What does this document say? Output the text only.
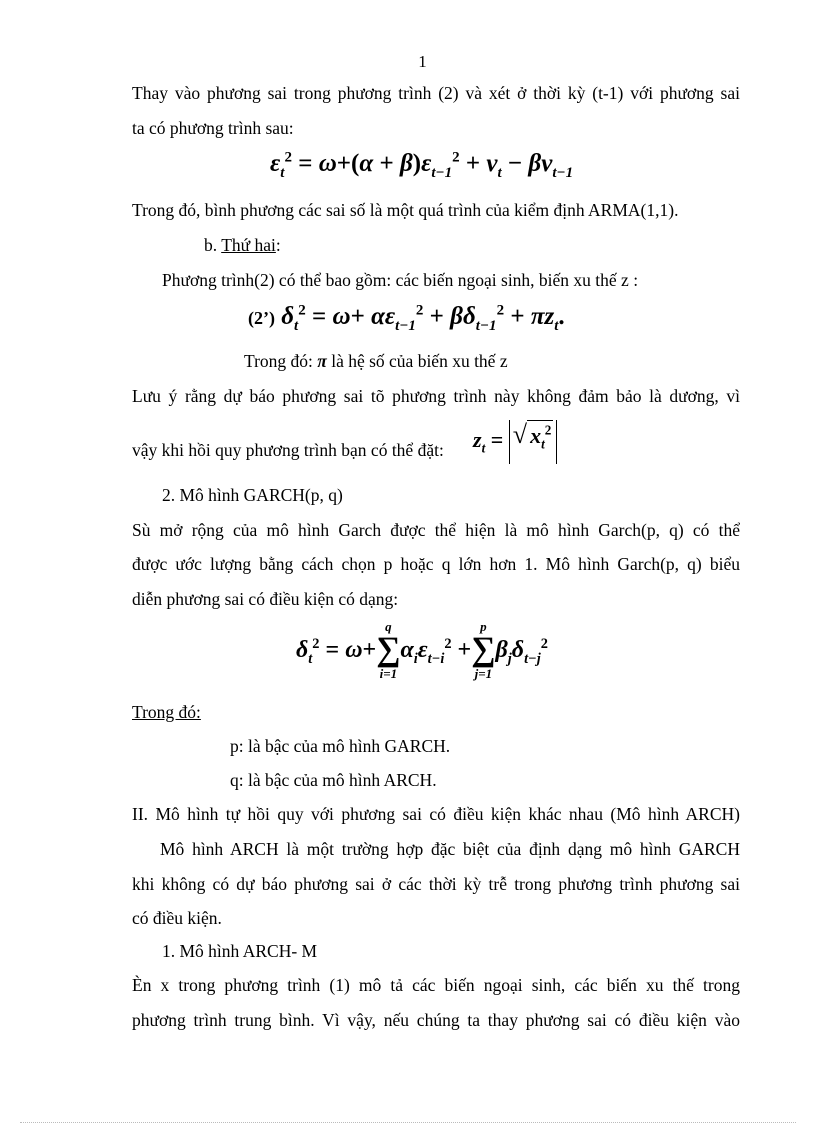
1
Thay vào phương sai trong phương trình (2) và xét ở thời kỳ (t-1) với phương sai
ta có phương trình sau:
$\varepsilon_t^2 = \omega+(\alpha + \beta)\varepsilon_{t-1}^2 + v_t - \beta v_{t-1}$
Trong đó, bình phương các sai số là một quá trình của kiểm định ARMA(1,1).
b. Thứ hai:
Phương trình(2) có thể bao gồm: các biến ngoại sinh, biến xu thế z :
(2’) $\delta_t^2 = \omega+ \alpha\varepsilon_{t-1}^2 + \beta\delta_{t-1}^2 + \pi z_t$.
Trong đó: π là hệ số của biến xu thế z
Lưu ý rằng dự báo phương sai tõ phương trình này không đảm bảo là dương, vì
vậy khi hồi quy phương trình bạn có thể đặt: $z_t$ = √ $x_t^2$
2. Mô hình GARCH(p, q)
Sù mở rộng của mô hình Garch được thể hiện là mô hình Garch(p, q) có thể
được ước lượng bằng cách chọn p hoặc q lớn hơn 1. Mô hình Garch(p, q) biểu
diễn phương sai có điều kiện có dạng:
$\delta_t^2 = \omega+$
q
∑
i=1
$\alpha_i\varepsilon_{t-i}^2$ +
p
∑
j=1
$\beta_j\delta_{t-j}^2$
Trong đó:
p: là bậc của mô hình GARCH.
q: là bậc của mô hình ARCH.
II. Mô hình tự hồi quy với phương sai có điều kiện khác nhau (Mô hình ARCH)
Mô hình ARCH là một trường hợp đặc biệt của định dạng mô hình GARCH
khi không có dự báo phương sai ở các thời kỳ trễ trong phương trình phương sai
có điều kiện.
1. Mô hình ARCH- M
Èn x trong phương trình (1) mô tả các biến ngoại sinh, các biến xu thế trong
phương trình trung bình. Vì vậy, nếu chúng ta thay phương sai có điều kiện vào
